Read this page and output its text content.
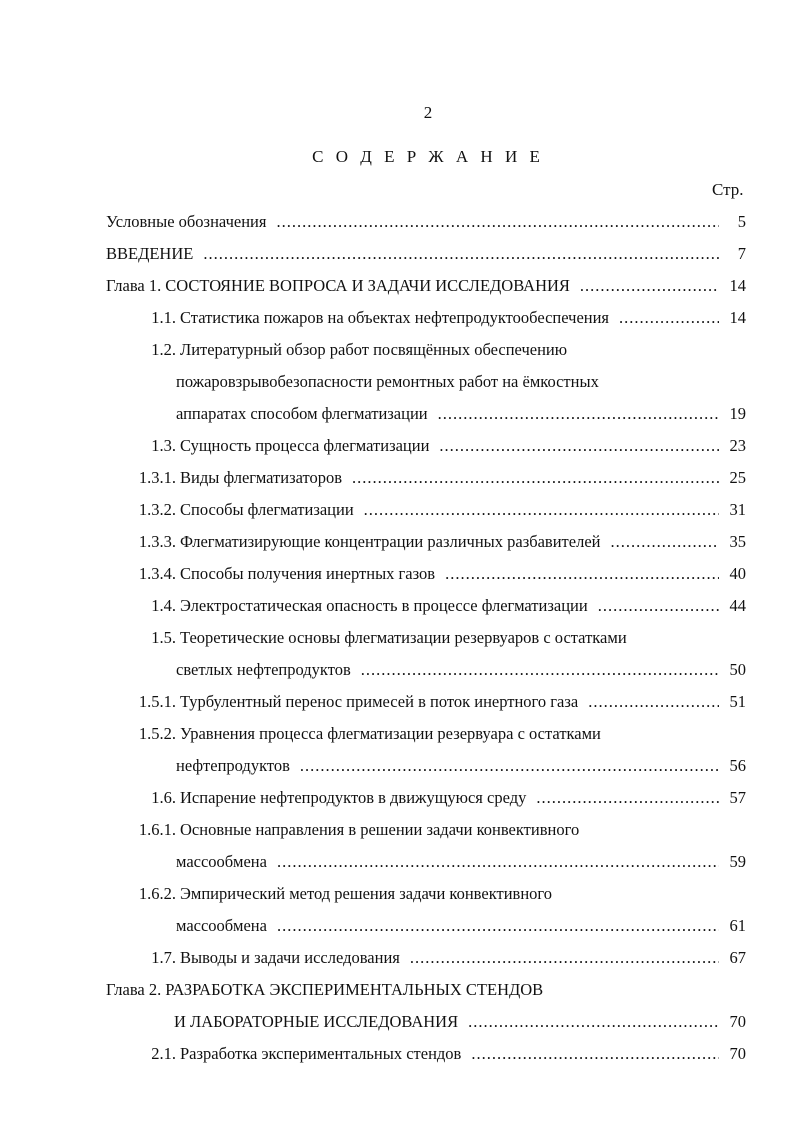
2
С О Д Е Р Ж А Н И Е
Стр.
Условные обозначения .....	5
ВВЕДЕНИЕ .....	7
Глава 1. СОСТОЯНИЕ ВОПРОСА И ЗАДАЧИ ИССЛЕДОВАНИЯ .....	14
1.1. Статистика пожаров на объектах нефтепродуктообеспечения .....	14
1.2. Литературный обзор работ посвящённых обеспечению
пожаровзрывобезопасности ремонтных работ на ёмкостных
аппаратах способом флегматизации .....	19
1.3. Сущность процесса флегматизации .....	23
1.3.1. Виды флегматизаторов .....	25
1.3.2. Способы флегматизации .....	31
1.3.3. Флегматизирующие концентрации различных разбавителей .....	35
1.3.4. Способы получения инертных газов .....	40
1.4. Электростатическая опасность в процессе флегматизации .....	44
1.5. Теоретические основы флегматизации резервуаров с остатками
светлых нефтепродуктов .....	50
1.5.1. Турбулентный перенос примесей в поток инертного газа .....	51
1.5.2. Уравнения процесса флегматизации резервуара с остатками
нефтепродуктов .....	56
1.6. Испарение нефтепродуктов в движущуюся среду .....	57
1.6.1. Основные направления в решении задачи конвективного
массообмена .....	59
1.6.2. Эмпирический метод решения задачи конвективного
массообмена .....	61
1.7. Выводы и задачи исследования .....	67
Глава 2. РАЗРАБОТКА ЭКСПЕРИМЕНТАЛЬНЫХ СТЕНДОВ
И ЛАБОРАТОРНЫЕ ИССЛЕДОВАНИЯ .....	70
2.1. Разработка экспериментальных стендов .....	70
